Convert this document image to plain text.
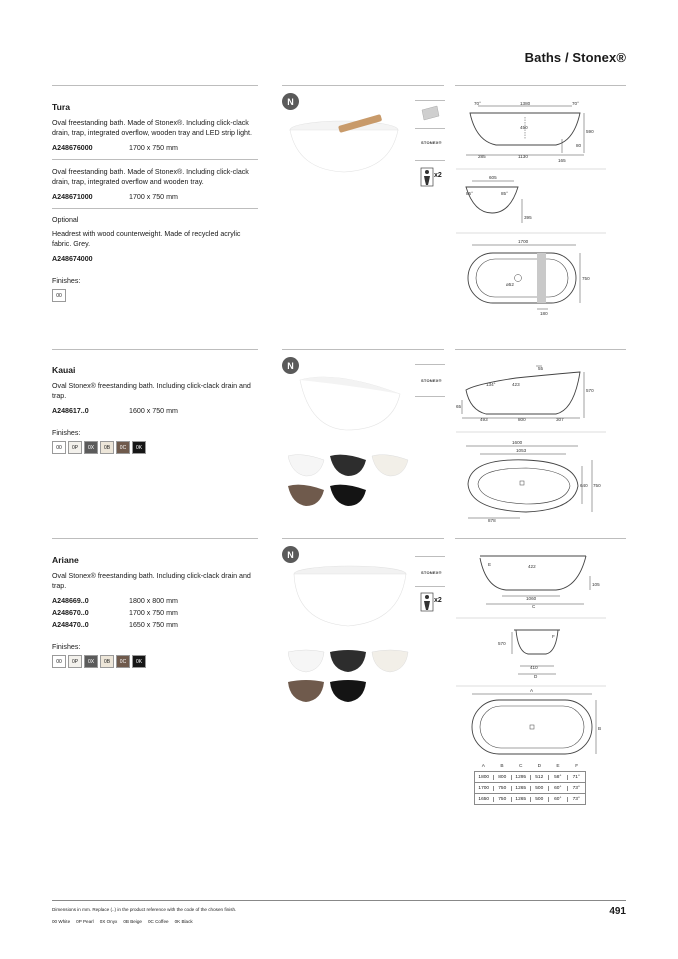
Baths / Stonex®
Tura

Oval freestanding bath. Made of Stonex®. Including click-clack drain, trap, integrated overflow, wooden tray and LED strip light.

A248676000	1700 x 750 mm

Oval freestanding bath. Made of Stonex®. Including click-clack drain, trap, integrated overflow and wooden tray.

A248671000	1700 x 750 mm

Optional

Headrest with wood counterweight. Made of recycled acrylic fabric. Grey.

A248674000

Finishes:

00
N
STONEX®
x2
70°	1380	70°
590
450
80
285	1130
165
605
85°	85°
395
1700
750
ø52
180
Kauai

Oval Stonex® freestanding bath. Including click-clack drain and trap.

A248617..0	1600 x 750 mm

Finishes:

00	0P	0X	0B	0C	0K
N
STONEX®
55
134°	423
570
65
493	800	307
1600
1053
640 750
878
Ariane

Oval Stonex® freestanding bath. Including click-clack drain and trap.

A248669..0	1800 x 800 mm
A248670..0	1700 x 750 mm
A248470..0	1650 x 750 mm

Finishes:

00	0P	0X	0B	0C	0K
N
STONEX®
x2
E	422
105
1060
C
570
F
410
D
A
B
A	B	C	D	E	F
1800	800	1295	512	58°	71°
1700	750	1265	500	60°	73°
1650	750	1265	500	60°	73°
Dimensions in mm. Replace (..) in the product reference with the code of the chosen finish.
00 White 0P Pearl 0X Onyx 0B Beige 0C Coffee 0K Black
491
